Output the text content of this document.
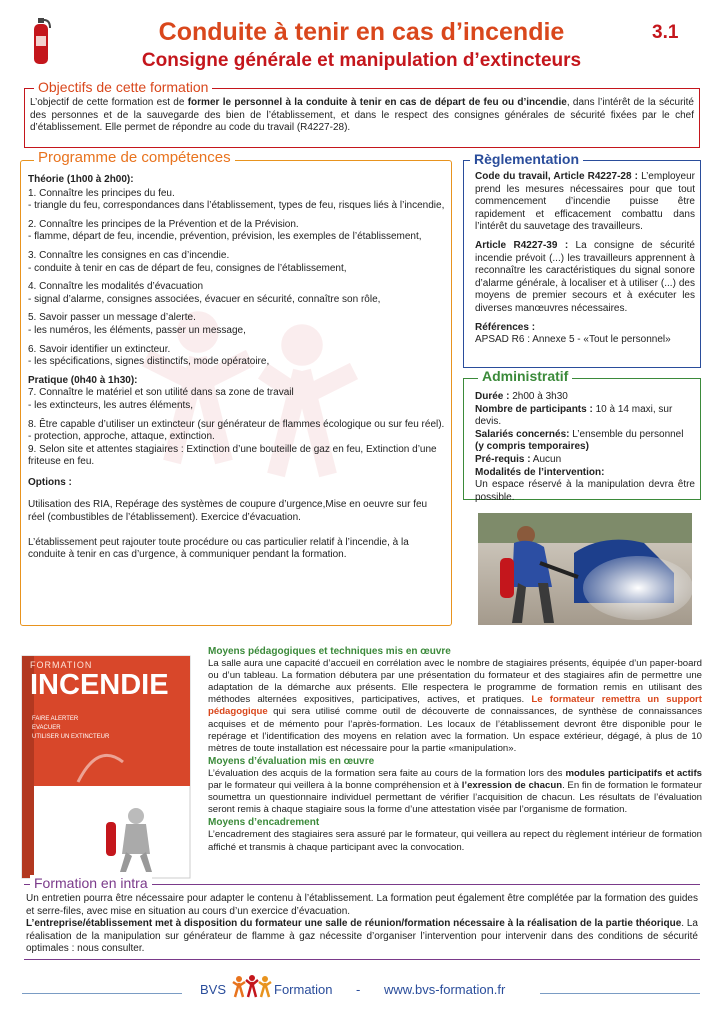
Conduite à tenir en cas d’incendie
Consigne générale et manipulation d’extincteurs
3.1
Objectifs de cette formation
L’objectif de cette formation est de former le personnel à la conduite à tenir en cas de départ de feu ou d’incendie, dans l’intérêt de la sécurité des personnes et de la sauvegarde des bien de l’établissement, et dans le respect des consignes générales de sécurité fixées par le chef d’établissement. Elle permet de répondre au code du travail (R4227-28).
Programme de compétences

Théorie (1h00 à 2h00):

1. Connaître les principes du feu.

- triangle du feu, correspondances dans l’établissement, types de feu, risques liés à l’incendie,

2. Connaître les principes de la Prévention et de la Prévision.

- flamme, départ de feu, incendie, prévention, prévision, les exemples de l’établissement,

3. Connaître les consignes en cas d’incendie.

- conduite à tenir en cas de départ de feu, consignes de l’établissement,

4. Connaître les modalités d’évacuation

- signal d’alarme, consignes associées, évacuer en sécurité, connaître son rôle,

5. Savoir passer un message d’alerte.

- les numéros, les éléments, passer un message,

6. Savoir identifier un extincteur.

- les spécifications, signes distinctifs, mode opératoire,

Pratique (0h40 à 1h30):

7. Connaître le matériel et son utilité dans sa zone de travail

- les extincteurs, les autres éléments,

8. Être capable d’utiliser un extincteur (sur générateur de flammes écologique ou sur feu réel).

- protection, approche, attaque, extinction.

9. Selon site et attentes stagiaires : Extinction d’une bouteille de gaz en feu, Extinction d’une friteuse en feu.

Options :

Utilisation des RIA, Repérage des systèmes de coupure d’urgence,Mise en oeuvre sur feu réel (combustibles de l’établissement). Exercice d’évacuation.

L’établissement peut rajouter toute procédure ou cas particulier relatif à l’incendie, à la conduite à tenir en cas d’urgence, à communiquer pendant la formation.

Règlementation

Code du travail, Article R4227-28 : L’employeur prend les mesures nécessaires pour que tout commencement d’incendie puisse être rapidement et efficacement combattu dans l’intérêt du sauvetage des travailleurs.

Article R4227-39 : La consigne de sécurité incendie prévoit (...) les travailleurs apprennent à reconnaître les caractéristiques du signal sonore d’alarme générale, à localiser et à utiliser (...) des moyens de premier secours et à exécuter les diverses manœuvres nécessaires.

Références :

APSAD R6 : Annexe 5 - «Tout le personnel»

Administratif

Durée : 2h00 à 3h30

Nombre de participants : 10 à 14 maxi, sur devis.

Salariés concernés: L’ensemble du personnel

(y compris temporaires)

Pré-requis : Aucun

Modalités de l’intervention:

Un espace réservé à la manipulation devra être possible.

FORMATION
INCENDIE
FAIRE ALERTER
EVACUER
UTILISER UN EXTINCTEUR

Moyens pédagogiques et techniques mis en œuvre

La salle aura une capacité d’accueil en corrélation avec le nombre de stagiaires présents, équipée d’un paper-board ou d’un tableau. La formation débutera par une présentation du formateur et des stagiaires afin de permettre une adaptation de la démarche aux présents. Elle respectera le programme de formation remis en utilisant des méthodes alternées expositives, participatives, actives, et pratiques. Le formateur remettra un support pédagogique qui sera utilisé comme outil de découverte de connaissances, de synthèse de connaissances acquises et de mémento pour l’après-formation. Les locaux de l’établissement devront être disponible pour le repérage et l’identification des moyens en relation avec la formation. Un espace extérieur, dégagé, à plus de 10 mètres de toute installation est nécessaire pour la partie «manipulation».

Moyens d’évaluation mis en œuvre

L’évaluation des acquis de la formation sera faite au cours de la formation lors des modules participatifs et actifs par le formateur qui veillera à la bonne compréhension et à l’exression de chacun. En fin de formation le formateur soumettra un questionnaire individuel permettant de vérifier l’acquisition de chacun. Les résultats de l’évaluation seront remis à chaque stagiaire sous la forme d’une attestation visée par l’organisme de formation.

Moyens d’encadrement

L’encadrement des stagiaires sera assuré par le formateur, qui veillera au repect du règlement intérieur de formation affiché et transmis à chaque participant avec la convocation.

Formation en intra

Un entretien pourra être nécessaire pour adapter le contenu à l’établissement. La formation peut également être complétée par la formation des guides et serre-files, avec mise en situation au cours d’un exercice d’évacuation.

L’entreprise/établissement met à disposition du formateur une salle de réunion/formation nécessaire à la réalisation de la partie théorique. La réalisation de la manipulation sur générateur de flamme à gaz nécessite d’organiser l’intervention pour intervenir dans des conditions de sécurité optimales : nous consulter.

BVS	Formation - www.bvs-formation.fr
